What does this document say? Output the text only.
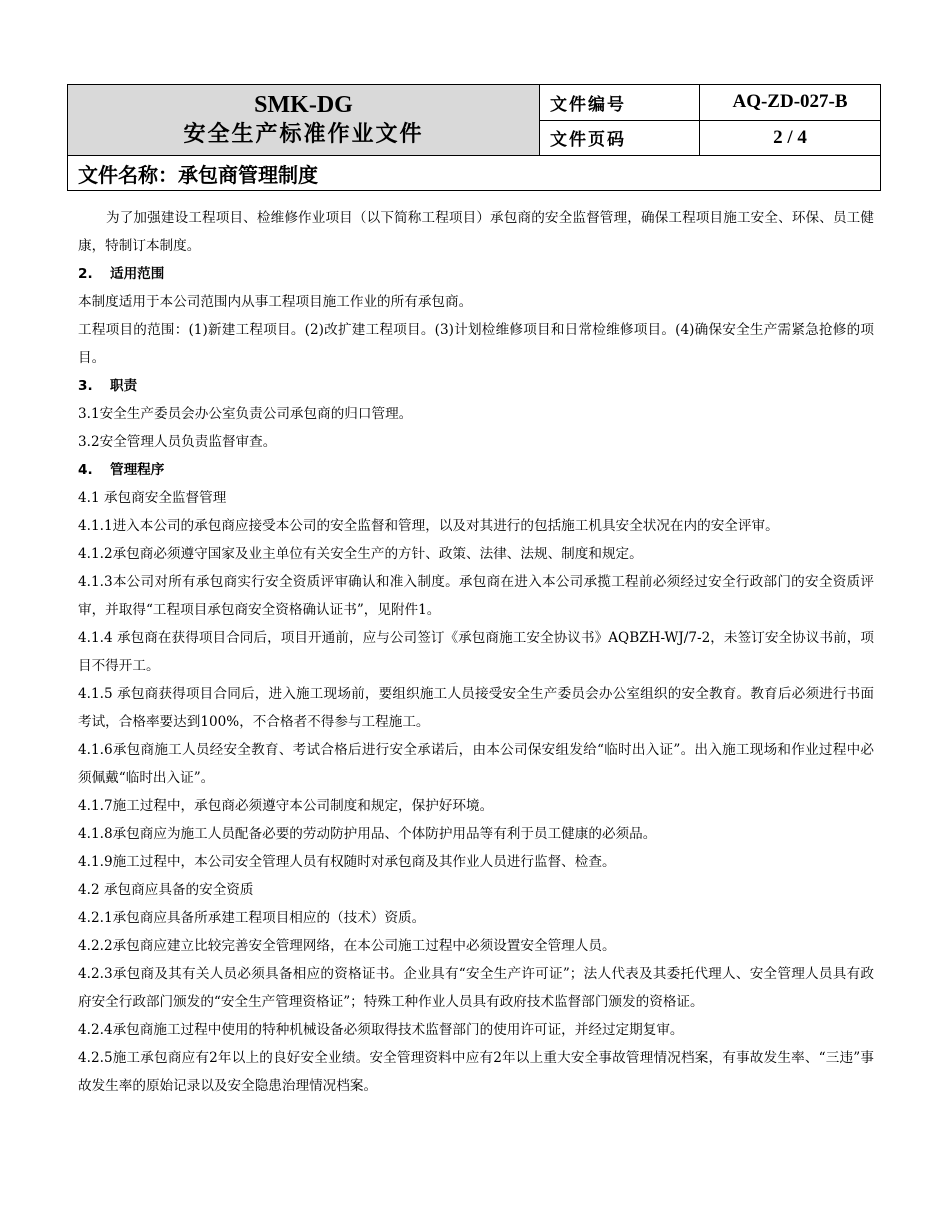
SMK-DG
安全生产标准作业文件	文件编号	AQ-ZD-027-B
	文件页码	2 / 4
文件名称：承包商管理制度		

为了加强建设工程项目、检维修作业项目（以下简称工程项目）承包商的安全监督管理，确保工程项目施工安全、环保、员工健康，特制订本制度。

2. 适用范围

本制度适用于本公司范围内从事工程项目施工作业的所有承包商。

工程项目的范围：(1)新建工程项目。(2)改扩建工程项目。(3)计划检维修项目和日常检维修项目。(4)确保安全生产需紧急抢修的项目。

3. 职责

3.1安全生产委员会办公室负责公司承包商的归口管理。

3.2安全管理人员负责监督审查。

4. 管理程序

4.1 承包商安全监督管理

4.1.1进入本公司的承包商应接受本公司的安全监督和管理，以及对其进行的包括施工机具安全状况在内的安全评审。

4.1.2承包商必须遵守国家及业主单位有关安全生产的方针、政策、法律、法规、制度和规定。

4.1.3本公司对所有承包商实行安全资质评审确认和准入制度。承包商在进入本公司承揽工程前必须经过安全行政部门的安全资质评审，并取得“工程项目承包商安全资格确认证书”，见附件1。

4.1.4 承包商在获得项目合同后，项目开通前，应与公司签订《承包商施工安全协议书》AQBZH-WJ/7-2，未签订安全协议书前，项目不得开工。

4.1.5 承包商获得项目合同后，进入施工现场前，要组织施工人员接受安全生产委员会办公室组织的安全教育。教育后必须进行书面考试，合格率要达到100%，不合格者不得参与工程施工。

4.1.6承包商施工人员经安全教育、考试合格后进行安全承诺后，由本公司保安组发给“临时出入证”。出入施工现场和作业过程中必须佩戴“临时出入证”。

4.1.7施工过程中，承包商必须遵守本公司制度和规定，保护好环境。

4.1.8承包商应为施工人员配备必要的劳动防护用品、个体防护用品等有利于员工健康的必须品。

4.1.9施工过程中，本公司安全管理人员有权随时对承包商及其作业人员进行监督、检查。

4.2 承包商应具备的安全资质

4.2.1承包商应具备所承建工程项目相应的（技术）资质。

4.2.2承包商应建立比较完善安全管理网络，在本公司施工过程中必须设置安全管理人员。

4.2.3承包商及其有关人员必须具备相应的资格证书。企业具有“安全生产许可证”；法人代表及其委托代理人、安全管理人员具有政府安全行政部门颁发的“安全生产管理资格证”；特殊工种作业人员具有政府技术监督部门颁发的资格证。

4.2.4承包商施工过程中使用的特种机械设备必须取得技术监督部门的使用许可证，并经过定期复审。

4.2.5施工承包商应有2年以上的良好安全业绩。安全管理资料中应有2年以上重大安全事故管理情况档案，有事故发生率、“三违”事故发生率的原始记录以及安全隐患治理情况档案。
